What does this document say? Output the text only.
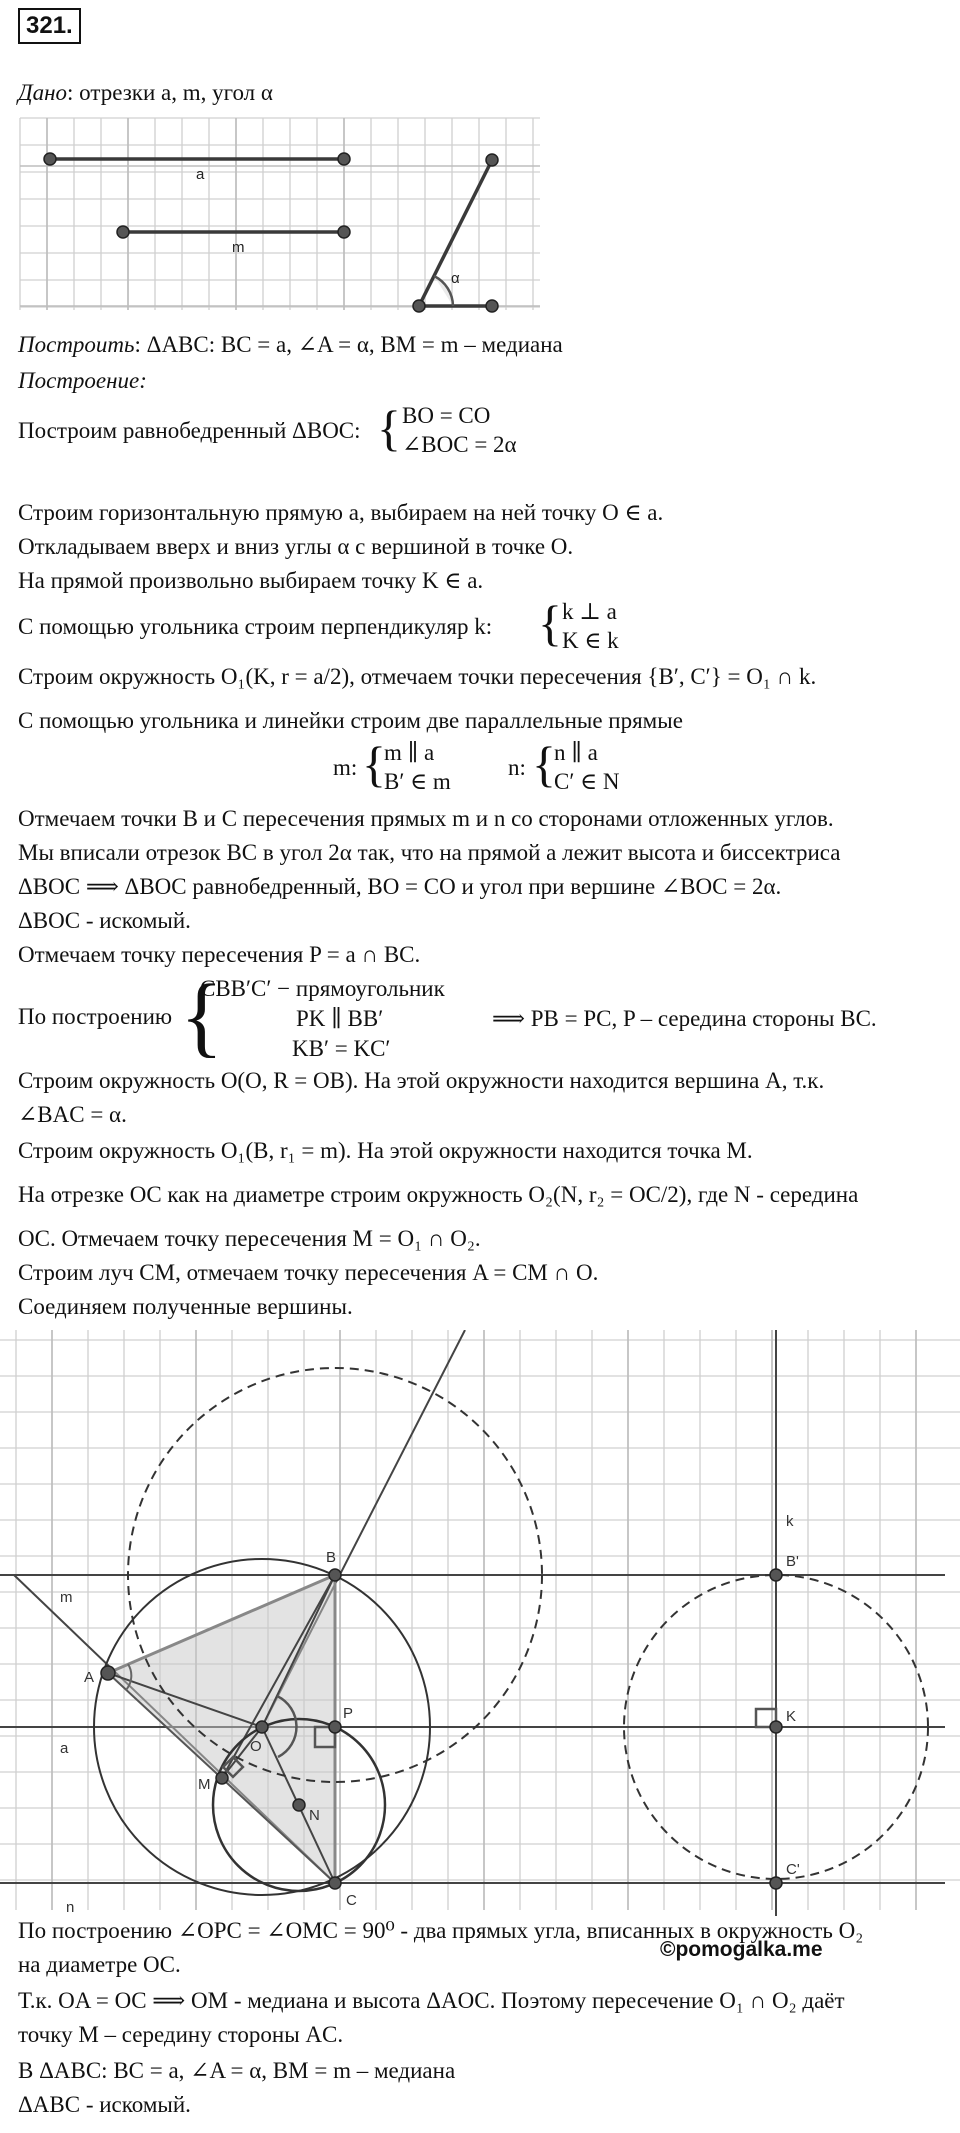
321.
Дано: отрезки a, m, угол α
a
m
α
Построить: ΔABC: BC = a, ∠A = α, BM = m – медиана
Построение:
Построим равнобедренный ΔBOC: { BO = CO
∠BOC = 2α
Строим горизонтальную прямую a, выбираем на ней точку O ∈ a.
Откладываем вверх и вниз углы α с вершиной в точке O.
На прямой произвольно выбираем точку K ∈ a.
С помощью угольника строим перпендикуляр k: { k ⊥ a
K ∈ k
Строим окружность O₁(K, r = a/2), отмечаем точки пересечения {B′, C′} = O₁ ∩ k.
С помощью угольника и линейки строим две параллельные прямые
m: {
m ∥ a
B′ ∈ m
n: {
n ∥ a
C′ ∈ N
Отмечаем точки B и C пересечения прямых m и n со сторонами отложенных углов.
Мы вписали отрезок BC в угол 2α так, что на прямой a лежит высота и биссектриса
ΔBOC ⟹ ΔBOC равнобедренный, BO = CO и угол при вершине ∠BOC = 2α.
ΔBOC - искомый.
Отмечаем точку пересечения P = a ∩ BC.
По построению {
CBB′C′ − прямоугольник
PK ∥ BB′
KB′ = KC′
⟹ PB = PC, P – середина стороны BC.
Строим окружность O(O, R = OB). На этой окружности находится вершина A, т.к.
∠BAC = α.
Строим окружность O₁(B, r₁ = m). На этой окружности находится точка M.
На отрезке OC как на диаметре строим окружность O₂(N, r₂ = OC/2), где N - середина
OC. Отмечаем точку пересечения M = O₁ ∩ O₂.
Строим луч CM, отмечаем точку пересечения A = CM ∩ O.
Соединяем полученные вершины.
m
a
n
k
A
B
C
O
P
M
N
K
B'
C'
По построению ∠OPC = ∠OMC = 90⁰ - два прямых угла, вписанных в окружность O₂
на диаметре OC.
©pomogalka.me
Т.к. OA = OC ⟹ OM - медиана и высота ΔAOC. Поэтому пересечение O₁ ∩ O₂ даёт
точку M – середину стороны AC.
В ΔABC: BC = a, ∠A = α, BM = m – медиана
ΔABC - искомый.
